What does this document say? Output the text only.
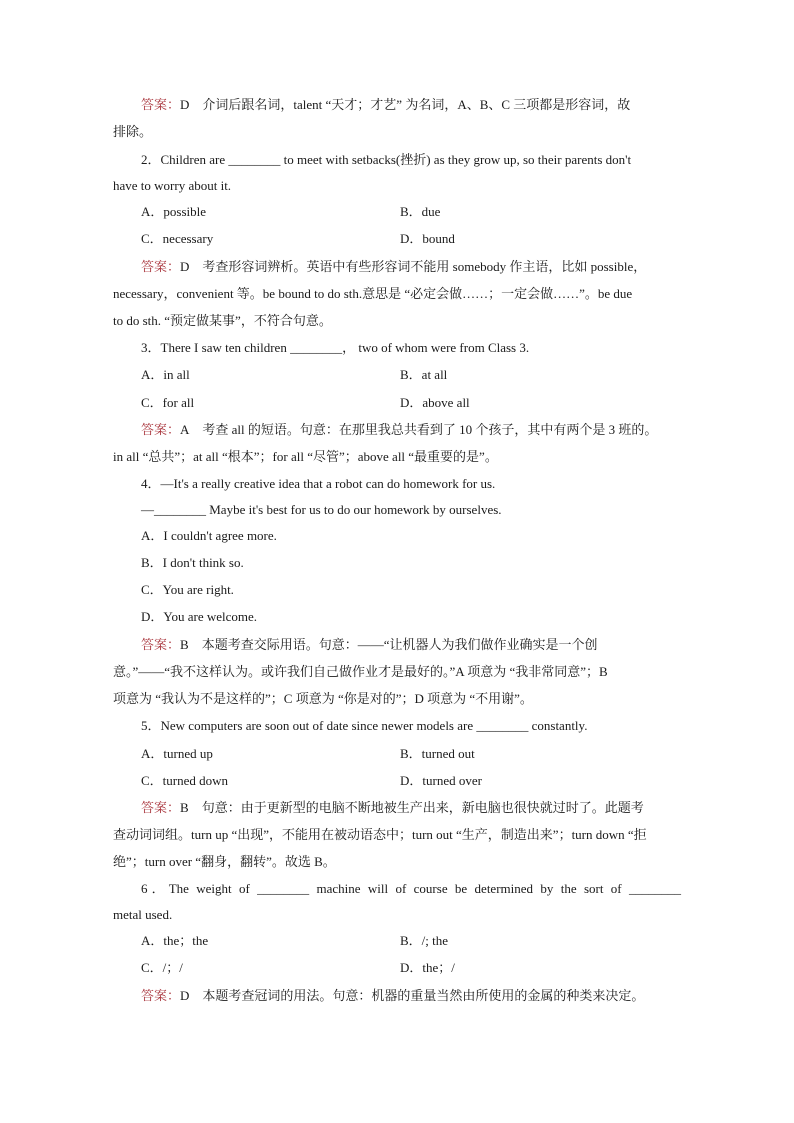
答案：D  介词后跟名词，talent “天才；才艺” 为名词，A、B、C 三项都是形容词，故
排除。
2．Children are ________ to meet with setbacks(挫折) as they grow up, so their parents don't
have to worry about it.
A．possible	B．due
C．necessary	D．bound
答案：D  考查形容词辨析。英语中有些形容词不能用 somebody 作主语，比如 possible，
necessary，convenient 等。be bound to do sth.意思是 “必定会做……；一定会做……”。be due
to do sth. “预定做某事”，不符合句意。
3．There I saw ten children ________， two of whom were from Class 3.
A．in all	B．at all
C．for all	D．above all
答案：A  考查 all 的短语。句意：在那里我总共看到了 10 个孩子，其中有两个是 3 班的。
in all “总共”；at all “根本”；for all “尽管”；above all “最重要的是”。
4．—It's a really creative idea that a robot can do homework for us.
—________ Maybe it's best for us to do our homework by ourselves.
A．I couldn't agree more.
B．I don't think so.
C．You are right.
D．You are welcome.
答案：B  本题考查交际用语。句意：——“让机器人为我们做作业确实是一个创
意。”——“我不这样认为。或许我们自己做作业才是最好的。”A 项意为 “我非常同意”；B
项意为 “我认为不是这样的”；C 项意为 “你是对的”；D 项意为 “不用谢”。
5．New computers are soon out of date since newer models are ________ constantly.
A．turned up	B．turned out
C．turned down	D．turned over
答案：B  句意：由于更新型的电脑不断地被生产出来，新电脑也很快就过时了。此题考
查动词词组。turn up “出现”，不能用在被动语态中；turn out “生产，制造出来”；turn down “拒
绝”；turn over “翻身，翻转”。故选 B。
6．The weight of ________ machine will of course be determined by the sort of ________
metal used.
A．the；the	B．/; the
C．/；/	D．the；/
答案：D  本题考查冠词的用法。句意：机器的重量当然由所使用的金属的种类来决定。
